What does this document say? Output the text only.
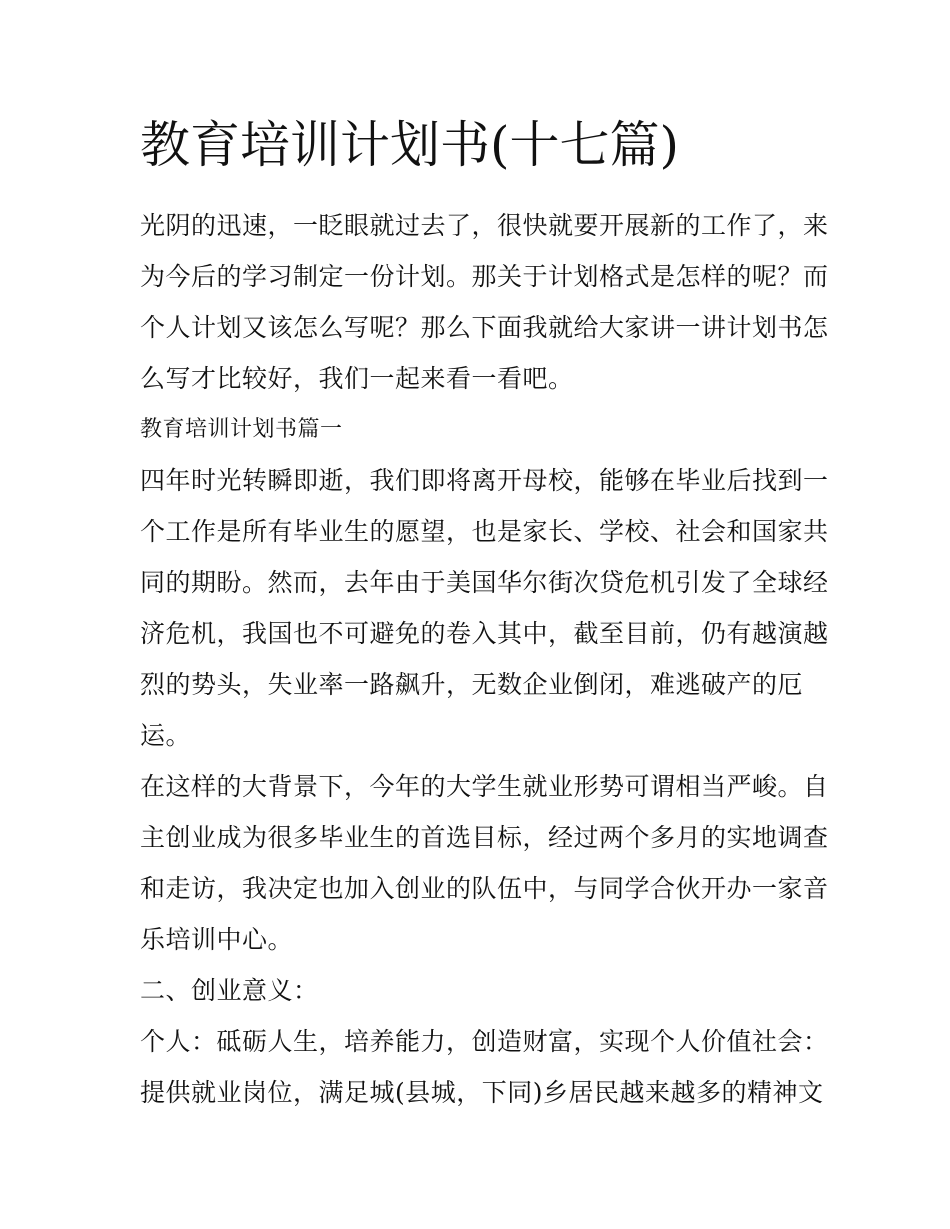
教育培训计划书(十七篇)
光阴的迅速，一眨眼就过去了，很快就要开展新的工作了，来
为今后的学习制定一份计划。那关于计划格式是怎样的呢？而
个人计划又该怎么写呢？那么下面我就给大家讲一讲计划书怎
么写才比较好，我们一起来看一看吧。
教育培训计划书篇一
四年时光转瞬即逝，我们即将离开母校，能够在毕业后找到一
个工作是所有毕业生的愿望，也是家长、学校、社会和国家共
同的期盼。然而，去年由于美国华尔街次贷危机引发了全球经
济危机，我国也不可避免的卷入其中，截至目前，仍有越演越
烈的势头，失业率一路飙升，无数企业倒闭，难逃破产的厄
运。
在这样的大背景下，今年的大学生就业形势可谓相当严峻。自
主创业成为很多毕业生的首选目标，经过两个多月的实地调查
和走访，我决定也加入创业的队伍中，与同学合伙开办一家音
乐培训中心。
二、创业意义：
个人：砥砺人生，培养能力，创造财富，实现个人价值社会：
提供就业岗位，满足城(县城，下同)乡居民越来越多的精神文
